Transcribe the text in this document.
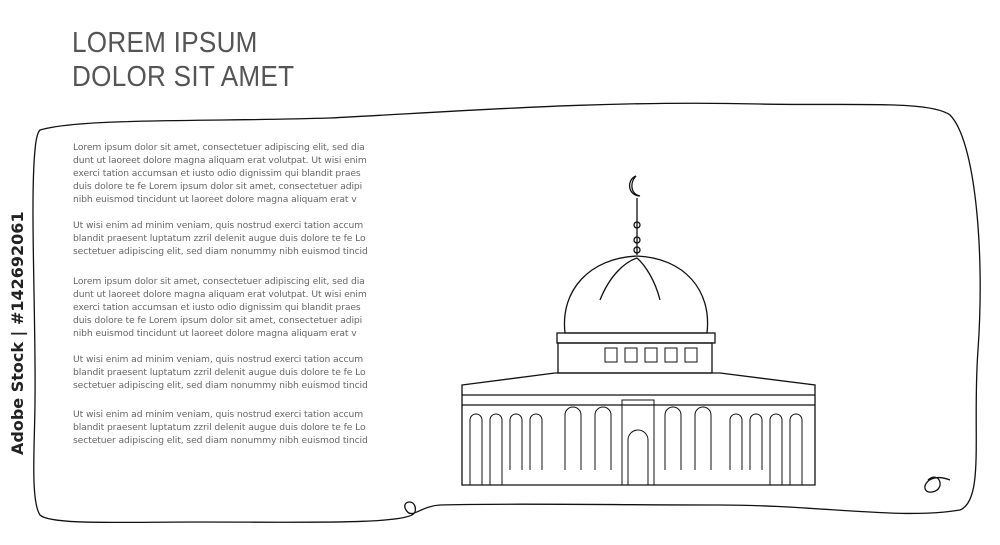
LOREM IPSUM
DOLOR SIT AMET
Lorem ipsum dolor sit amet, consectetuer adipiscing elit, sed dia
dunt ut laoreet dolore magna aliquam erat volutpat. Ut wisi enim
exerci tation accumsan et iusto odio dignissim qui blandit praes
duis dolore te fe Lorem ipsum dolor sit amet, consectetuer adipi
nibh euismod tincidunt ut laoreet dolore magna aliquam erat v
Ut wisi enim ad minim veniam, quis nostrud exerci tation accum
blandit praesent luptatum zzril delenit augue duis dolore te fe Lo
sectetuer adipiscing elit, sed diam nonummy nibh euismod tincid
Lorem ipsum dolor sit amet, consectetuer adipiscing elit, sed dia
dunt ut laoreet dolore magna aliquam erat volutpat. Ut wisi enim
exerci tation accumsan et iusto odio dignissim qui blandit praes
duis dolore te fe Lorem ipsum dolor sit amet, consectetuer adipi
nibh euismod tincidunt ut laoreet dolore magna aliquam erat v
Ut wisi enim ad minim veniam, quis nostrud exerci tation accum
blandit praesent luptatum zzril delenit augue duis dolore te fe Lo
sectetuer adipiscing elit, sed diam nonummy nibh euismod tincid
Ut wisi enim ad minim veniam, quis nostrud exerci tation accum
blandit praesent luptatum zzril delenit augue duis dolore te fe Lo
sectetuer adipiscing elit, sed diam nonummy nibh euismod tincid
Adobe Stock | #142692061
